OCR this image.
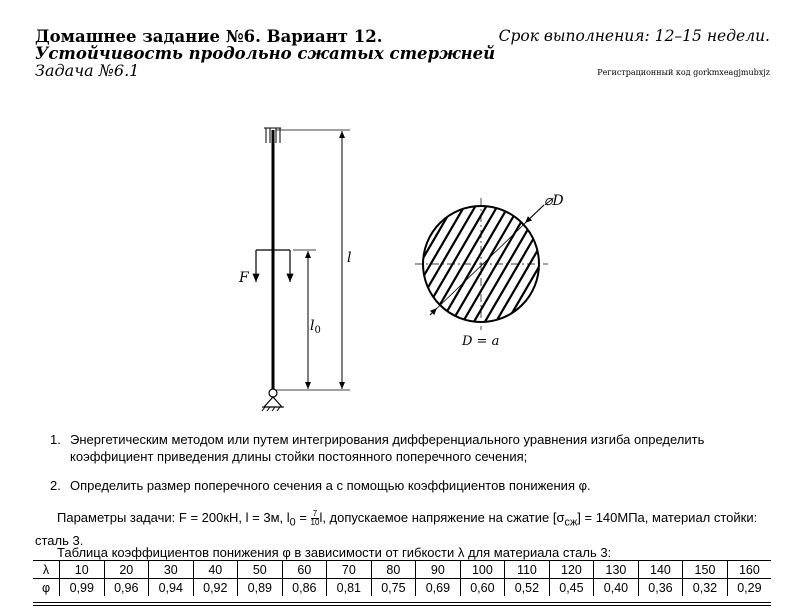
Домашнее задание №6. Вариант 12.
Устойчивость продольно сжатых стержней
Задача №6.1
Срок выполнения: 12–15 недели.
Регистрационный код gorkmxeagjmubxjz
F
l
$l_0$
⌀D
D = a
1. Энергетическим методом или путем интегрирования дифференциального уравнения изгиба определить коэффициент приведения длины стойки постоянного поперечного сечения;
2. Определить размер поперечного сечения a с помощью коэффициентов понижения φ.
Параметры задачи: F = 200кН, l = 3м, $l_0 = \frac{7}{10} l$, допускаемое напряжение на сжатие $[\sigma_{сж}] = 140МПа$, материал стойки: сталь 3.
Таблица коэффициентов понижения φ в зависимости от гибкости λ для материала сталь 3:
λ	10	20	30	40	50	60	70	80	90	100	110	120	130	140	150	160
φ	0,99	0,96	0,94	0,92	0,89	0,86	0,81	0,75	0,69	0,60	0,52	0,45	0,40	0,36	0,32	0,29
